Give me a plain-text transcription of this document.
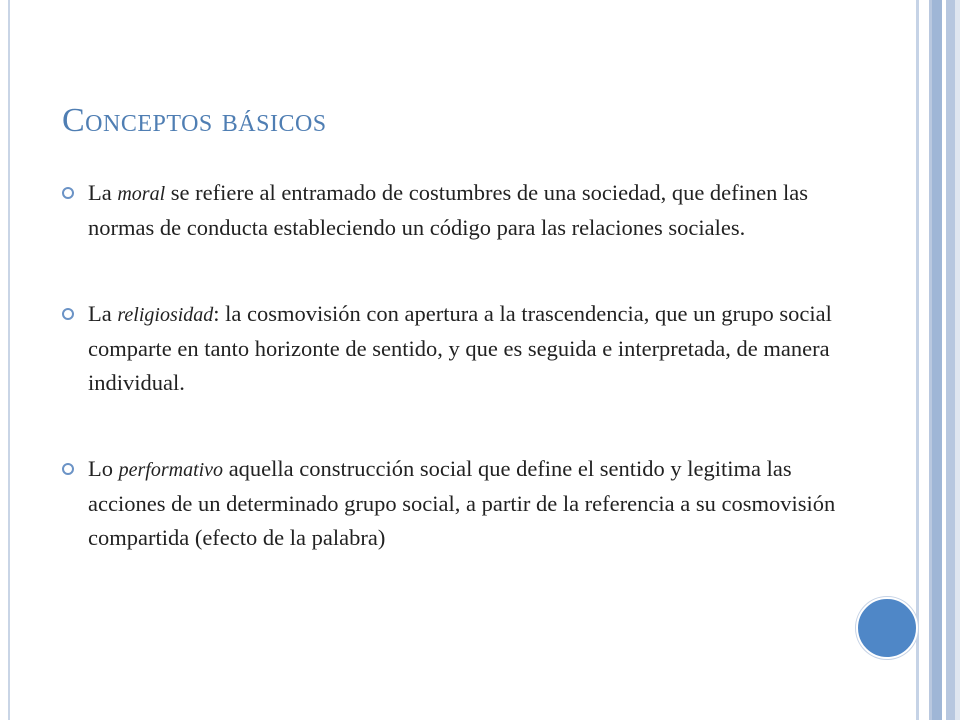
Conceptos básicos
La moral se refiere al entramado de costumbres de una sociedad, que definen las normas de conducta estableciendo un código para las relaciones sociales.
La religiosidad: la cosmovisión con apertura a la trascendencia, que un grupo social comparte en tanto horizonte de sentido, y que es seguida e interpretada, de manera individual.
Lo performativo aquella construcción social que define el sentido y legitima las acciones de un determinado grupo social, a partir de la referencia a su cosmovisión compartida (efecto de la palabra)
